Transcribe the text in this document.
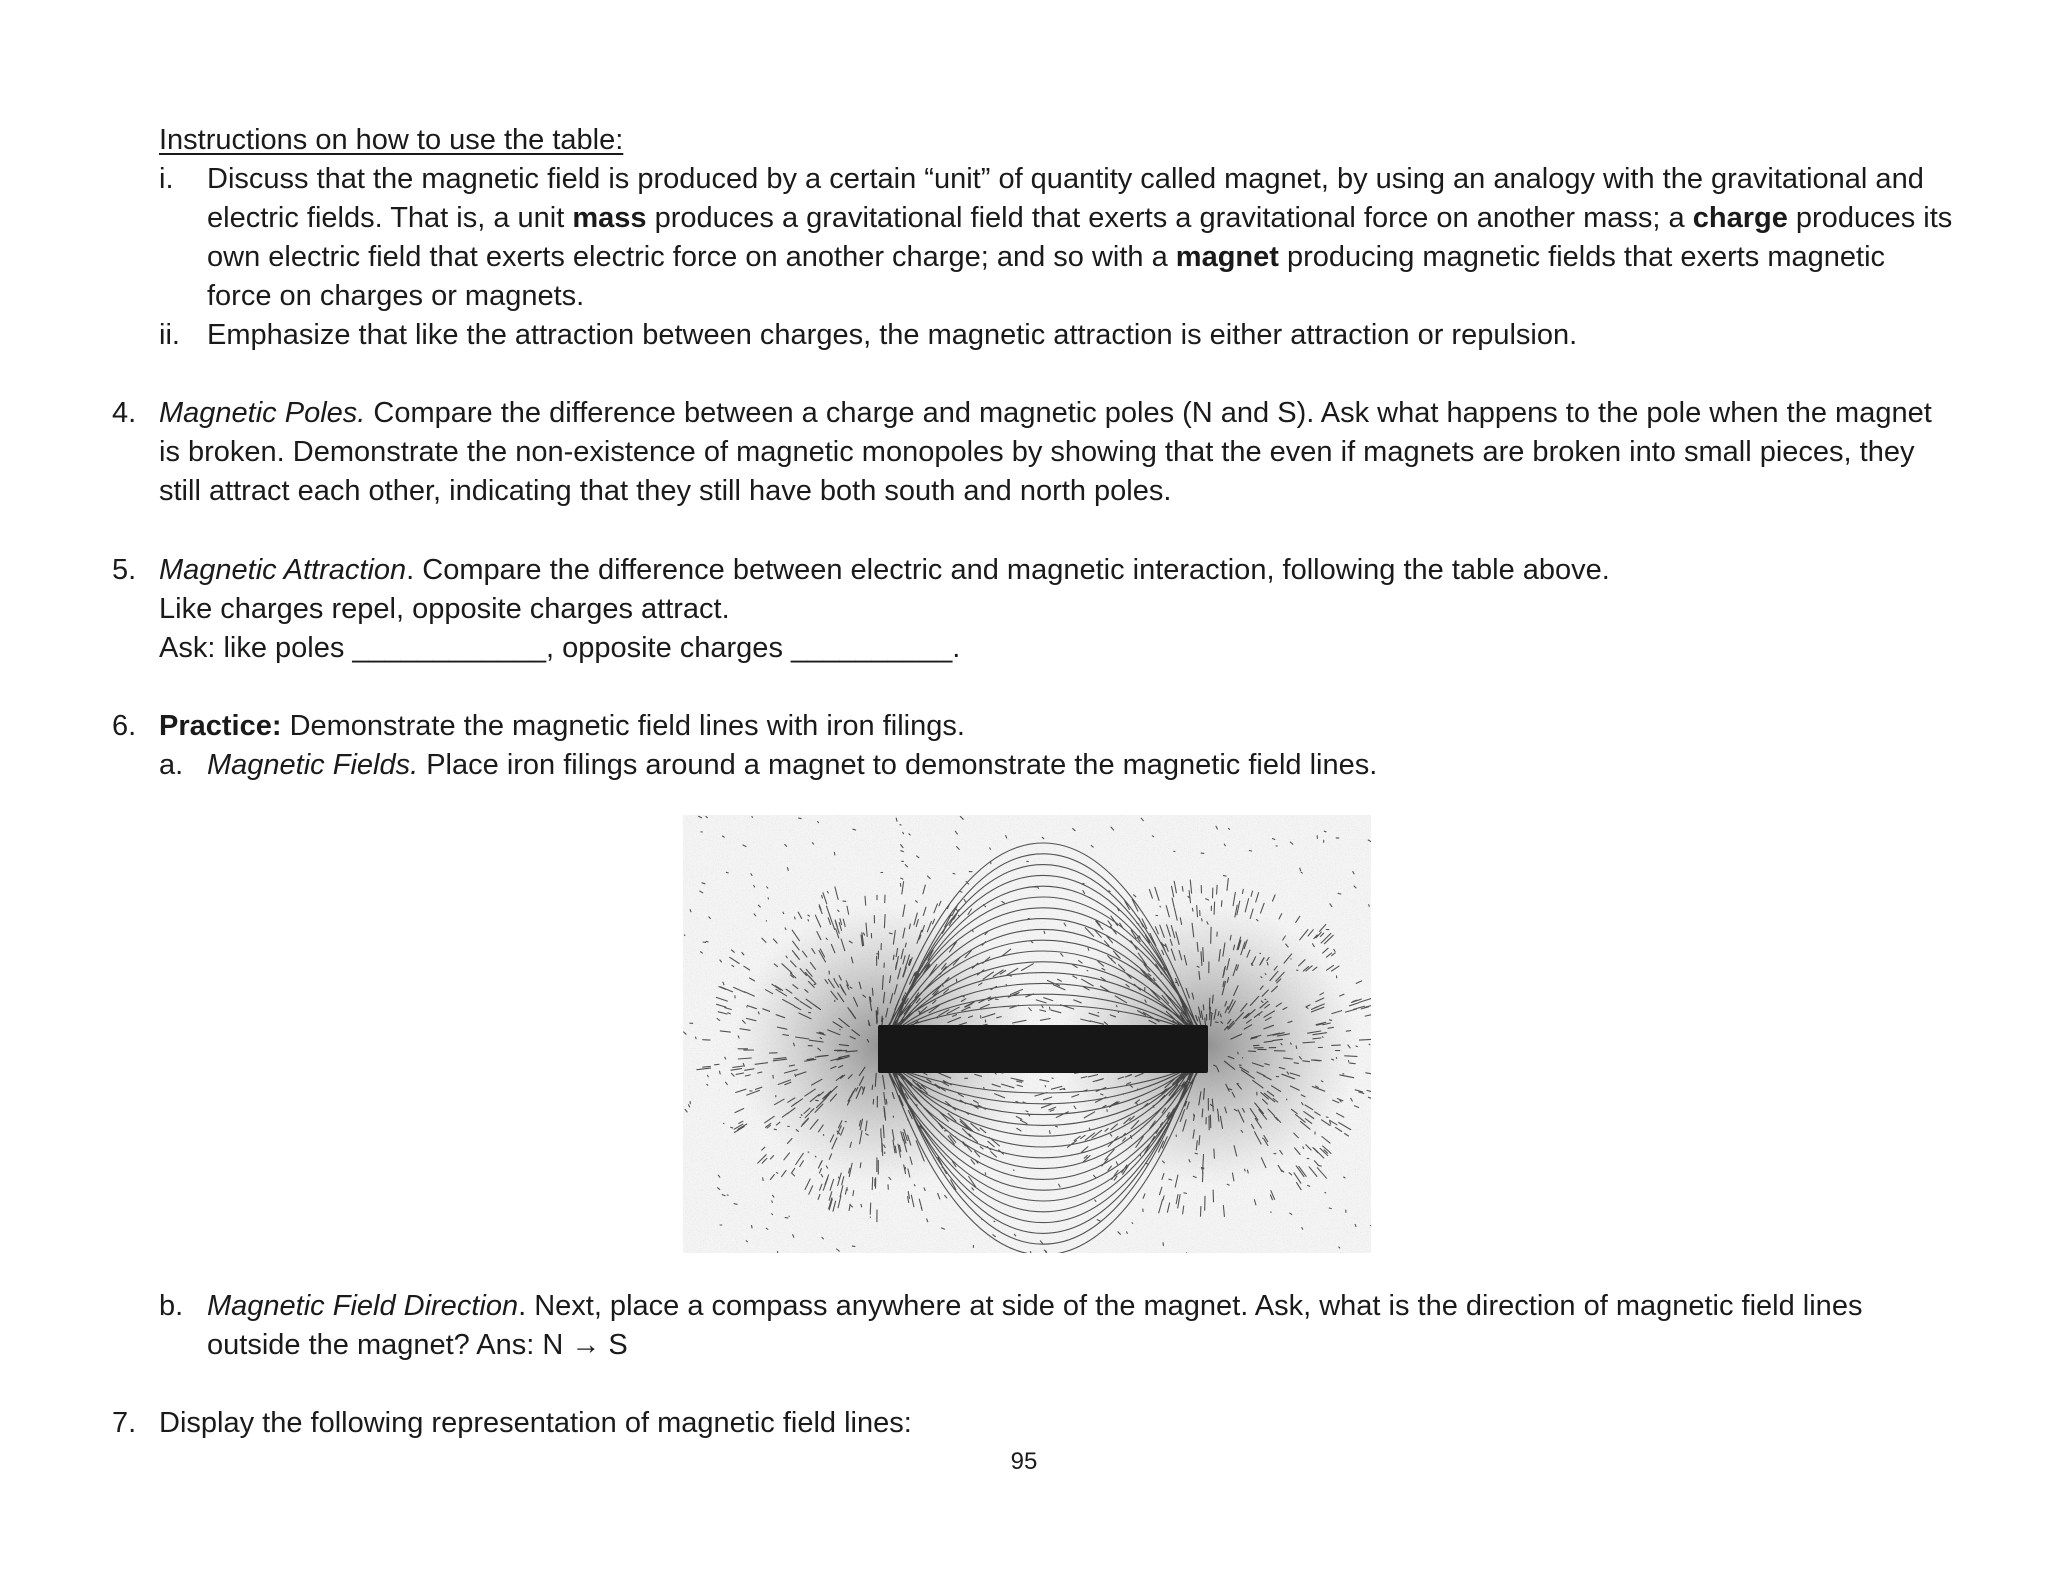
Instructions on how to use the table:
i. Discuss that the magnetic field is produced by a certain “unit” of quantity called magnet, by using an analogy with the gravitational and
electric fields. That is, a unit mass produces a gravitational field that exerts a gravitational force on another mass; a charge produces its
own electric field that exerts electric force on another charge; and so with a magnet producing magnetic fields that exerts magnetic
force on charges or magnets.
ii. Emphasize that like the attraction between charges, the magnetic attraction is either attraction or repulsion.
4. Magnetic Poles. Compare the difference between a charge and magnetic poles (N and S). Ask what happens to the pole when the magnet
is broken. Demonstrate the non-existence of magnetic monopoles by showing that the even if magnets are broken into small pieces, they
still attract each other, indicating that they still have both south and north poles.
5. Magnetic Attraction. Compare the difference between electric and magnetic interaction, following the table above.
Like charges repel, opposite charges attract.
Ask: like poles ____________, opposite charges __________.
6. Practice: Demonstrate the magnetic field lines with iron filings.
a. Magnetic Fields. Place iron filings around a magnet to demonstrate the magnetic field lines.
b. Magnetic Field Direction. Next, place a compass anywhere at side of the magnet. Ask, what is the direction of magnetic field lines
outside the magnet? Ans: N → S
7. Display the following representation of magnetic field lines:
95
